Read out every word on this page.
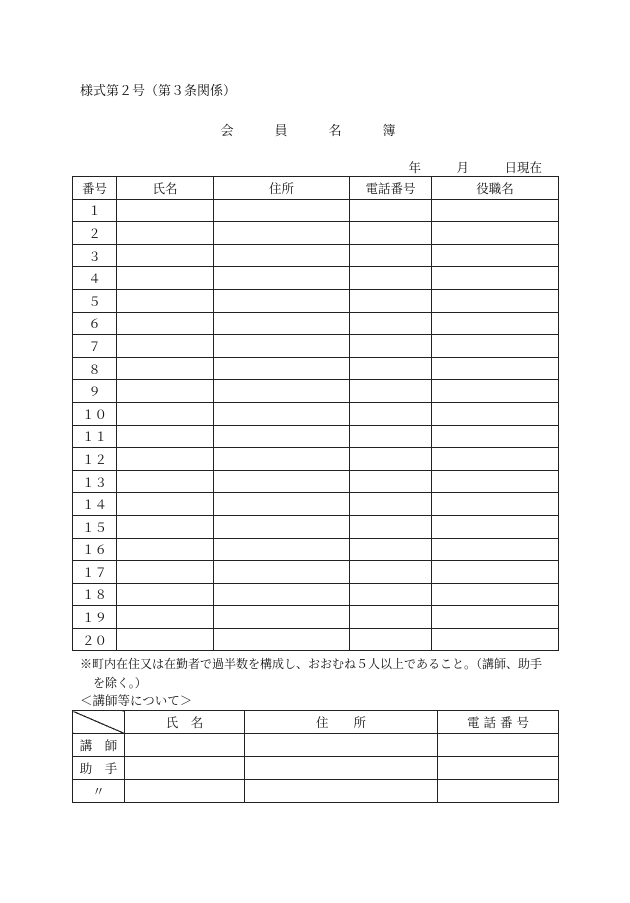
様式第２号（第３条関係）
会　員　名　簿
年	月	日現在
番号	氏名	住所	電話番号	役職名
１				
２				
３				
４				
５				
６				
７				
８				
９				
１０				
１１				
１２				
１３				
１４				
１５				
１６				
１７				
１８				
１９				
２０				
※町内在住又は在勤者で過半数を構成し、おおむね５人以上であること。（講師、助手
を除く。）
＜講師等について＞
	氏　名	住　　所	電 話 番 号
講　師			
助　手			
〃			
